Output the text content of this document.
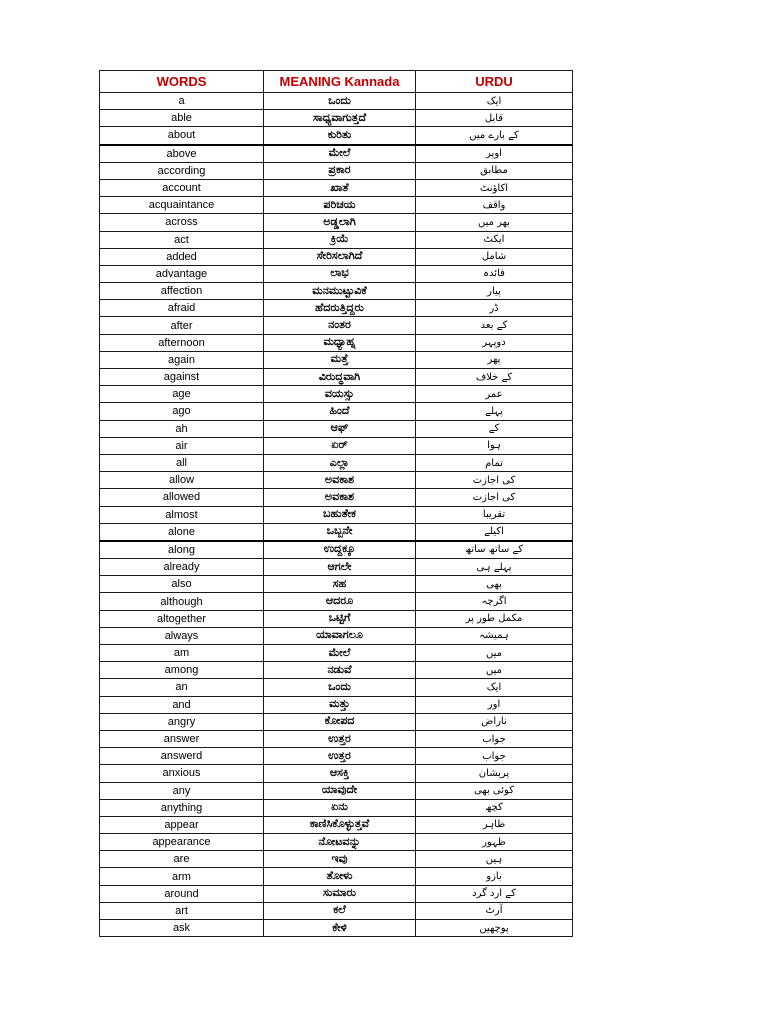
WORDS	MEANING Kannada	URDU
a	ಒಂದು	ایک
able	ಸಾಧ್ಯವಾಗುತ್ತದೆ	قابل
about	ಕುರಿತು	کے بارے میں
above	ಮೇಲೆ	اوپر
according	ಪ್ರಕಾರ	مطابق
account	ಖಾತೆ	اکاؤنٹ
acquaintance	ಪರಿಚಯ	واقف
across	ಅಡ್ಡಲಾಗಿ	بھر میں
act	ಕ್ರಿಯೆ	ایکٹ
added	ಸೇರಿಸಲಾಗಿದೆ	شامل
advantage	ಲಾಭ	فائدہ
affection	ಮನಮುಟ್ಟುವಿಕೆ	پیار
afraid	ಹೆದರುತ್ತಿದ್ದರು	ڈر
after	ನಂತರ	کے بعد
afternoon	ಮಧ್ಯಾಹ್ನ	دوپہر
again	ಮತ್ತೆ	پھر
against	ವಿರುದ್ಧವಾಗಿ	کے خلاف
age	ವಯಸ್ಸು	عمر
ago	ಹಿಂದೆ	پہلے
ah	ಆಫ್	کے
air	ಏರ್	ہوا
all	ಎಲ್ಲಾ	تمام
allow	ಅವಕಾಶ	کی اجازت
allowed	ಅವಕಾಶ	کی اجازت
almost	ಬಹುತೇಕ	تقریبا
alone	ಒಬ್ಬನೇ	اکیلے
along	ಉದ್ದಕ್ಕೂ	کے ساتھ ساتھ
already	ಆಗಲೇ	پہلے ہی
also	ಸಹ	بھی
although	ಆದರೂ	اگرچہ
altogether	ಒಟ್ಟಿಗೆ	مکمل طور پر
always	ಯಾವಾಗಲೂ	ہمیشہ
am	ಮೇಲೆ	میں
among	ನಡುವೆ	میں
an	ಒಂದು	ایک
and	ಮತ್ತು	اور
angry	ಕೋಪದ	ناراض
answer	ಉತ್ತರ	جواب
answerd	ಉತ್ತರ	جواب
anxious	ಆಸಕ್ತಿ	پریشان
any	ಯಾವುದೇ	کوئی بھی
anything	ಏನು	کچھ
appear	ಕಾಣಿಸಿಕೊಳ್ಳುತ್ತವೆ	ظاہر
appearance	ನೋಟವನ್ನು	ظہور
are	ಇವು	ہیں
arm	ತೋಳು	بازو
around	ಸುಮಾರು	کے ارد گرد
art	ಕಲೆ	آرٹ
ask	ಕೇಳಿ	پوچھیں
